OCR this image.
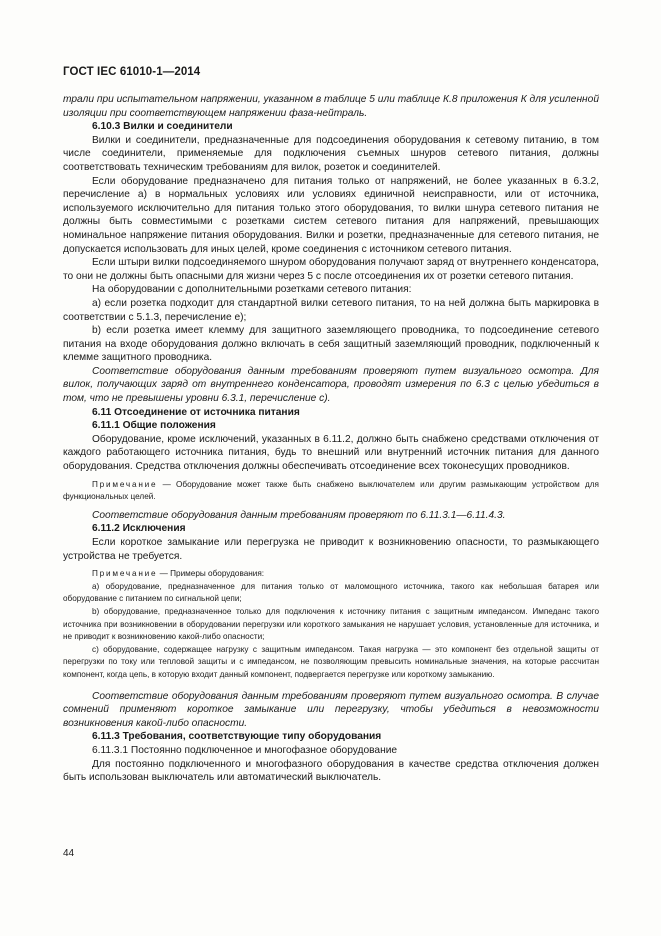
ГОСТ IEC 61010-1—2014

трали при испытательном напряжении, указанном в таблице 5 или таблице К.8 приложения К для усиленной изоляции при соответствующем напряжении фаза-нейтраль.

6.10.3 Вилки и соединители

Вилки и соединители, предназначенные для подсоединения оборудования к сетевому питанию, в том числе соединители, применяемые для подключения съемных шнуров сетевого питания, должны соответствовать техническим требованиям для вилок, розеток и соединителей.

Если оборудование предназначено для питания только от напряжений, не более указанных в 6.3.2, перечисление а) в нормальных условиях или условиях единичной неисправности, или от источника, используемого исключительно для питания только этого оборудования, то вилки шнура сетевого питания не должны быть совместимыми с розетками систем сетевого питания для напряжений, превышающих номинальное напряжение питания оборудования. Вилки и розетки, предназначенные для сетевого питания, не допускается использовать для иных целей, кроме соединения с источником сетевого питания.

Если штыри вилки подсоединяемого шнуром оборудования получают заряд от внутреннего конденсатора, то они не должны быть опасными для жизни через 5 с после отсоединения их от розетки сетевого питания.

На оборудовании с дополнительными розетками сетевого питания:

а) если розетка подходит для стандартной вилки сетевого питания, то на ней должна быть маркировка в соответствии с 5.1.3, перечисление е);

b) если розетка имеет клемму для защитного заземляющего проводника, то подсоединение сетевого питания на входе оборудования должно включать в себя защитный заземляющий проводник, подключенный к клемме защитного проводника.

Соответствие оборудования данным требованиям проверяют путем визуального осмотра. Для вилок, получающих заряд от внутреннего конденсатора, проводят измерения по 6.3 с целью убедиться в том, что не превышены уровни 6.3.1, перечисление с).

6.11 Отсоединение от источника питания

6.11.1 Общие положения

Оборудование, кроме исключений, указанных в 6.11.2, должно быть снабжено средствами отключения от каждого работающего источника питания, будь то внешний или внутренний источник питания для данного оборудования. Средства отключения должны обеспечивать отсоединение всех токонесущих проводников.

Примечание — Оборудование может также быть снабжено выключателем или другим размыкающим устройством для функциональных целей.

Соответствие оборудования данным требованиям проверяют по 6.11.3.1—6.11.4.3.

6.11.2 Исключения

Если короткое замыкание или перегрузка не приводит к возникновению опасности, то размыкающего устройства не требуется.

Примечание — Примеры оборудования:

а) оборудование, предназначенное для питания только от маломощного источника, такого как небольшая батарея или оборудование с питанием по сигнальной цепи;

b) оборудование, предназначенное только для подключения к источнику питания с защитным импедансом. Импеданс такого источника при возникновении в оборудовании перегрузки или короткого замыкания не нарушает условия, установленные для источника, и не приводит к возникновению какой-либо опасности;

с) оборудование, содержащее нагрузку с защитным импедансом. Такая нагрузка — это компонент без отдельной защиты от перегрузки по току или тепловой защиты и с импедансом, не позволяющим превысить номинальные значения, на которые рассчитан компонент, когда цепь, в которую входит данный компонент, подвергается перегрузке или короткому замыканию.

Соответствие оборудования данным требованиям проверяют путем визуального осмотра. В случае сомнений применяют короткое замыкание или перегрузку, чтобы убедиться в невозможности возникновения какой-либо опасности.

6.11.3 Требования, соответствующие типу оборудования

6.11.3.1 Постоянно подключенное и многофазное оборудование

Для постоянно подключенного и многофазного оборудования в качестве средства отключения должен быть использован выключатель или автоматический выключатель.

44
